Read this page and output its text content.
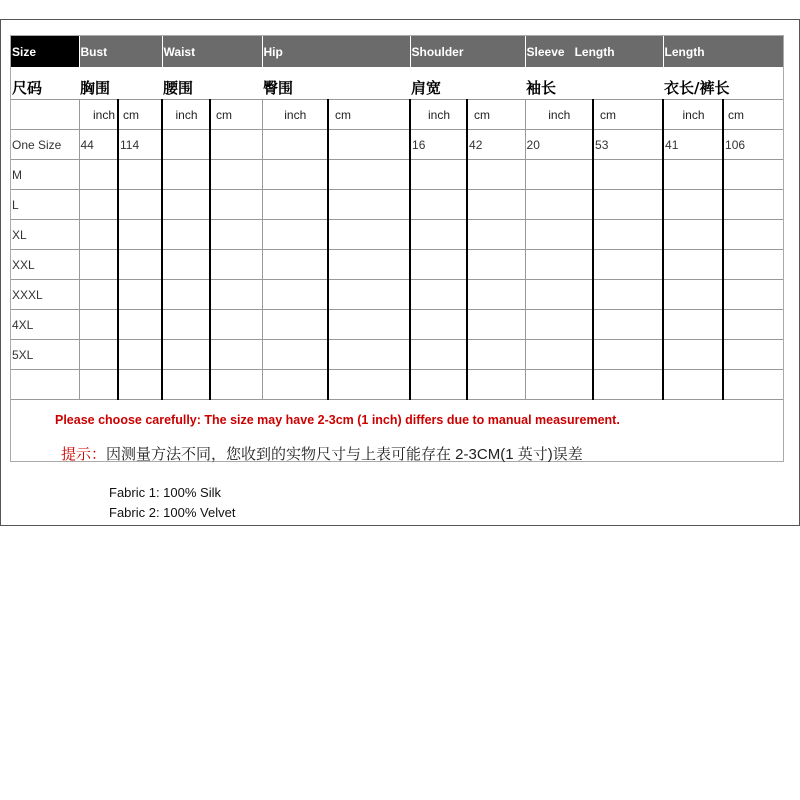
Size	Bust		Waist		Hip		Shoulder		Sleeve   Length		Length	
尺码	胸围		腰围		臀围		肩宽		袖长		衣长/裤长	
	inch	cm	inch	cm	inch	cm	inch	cm	inch	cm	inch	cm
One Size	44	114					16	42	20	53	41	106
M												
L												
XL												
XXL												
XXXL												
4XL												
5XL												

Please choose carefully: The size may have 2-3cm (1 inch) differs due to manual measurement.
提示：因测量方法不同，您收到的实物尺寸与上表可能存在 2-3CM(1 英寸)误差
Fabric 1: 100% Silk
Fabric 2: 100% Velvet
